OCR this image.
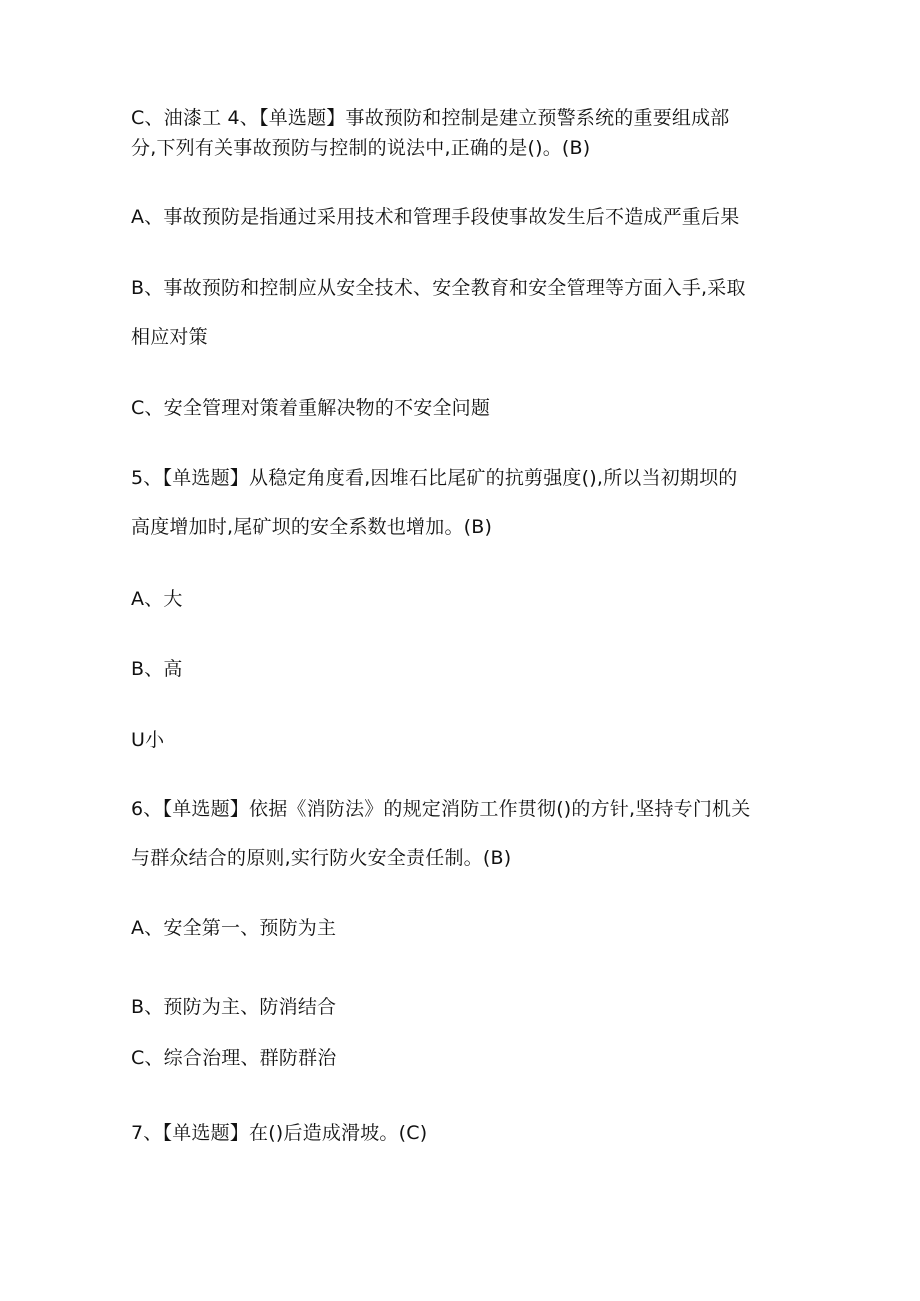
C、油漆工 4、【单选题】事故预防和控制是建立预警系统的重要组成部
分,下列有关事故预防与控制的说法中,正确的是()。(B)
A、事故预防是指通过采用技术和管理手段使事故发生后不造成严重后果
B、事故预防和控制应从安全技术、安全教育和安全管理等方面入手,采取
相应对策
C、安全管理对策着重解决物的不安全问题
5、【单选题】从稳定角度看,因堆石比尾矿的抗剪强度(),所以当初期坝的
高度增加时,尾矿坝的安全系数也增加。(B)
A、大
B、高
U小
6、【单选题】依据《消防法》的规定消防工作贯彻()的方针,坚持专门机关
与群众结合的原则,实行防火安全责任制。(B)
A、安全第一、预防为主
B、预防为主、防消结合
C、综合治理、群防群治
7、【单选题】在()后造成滑坡。(C)
